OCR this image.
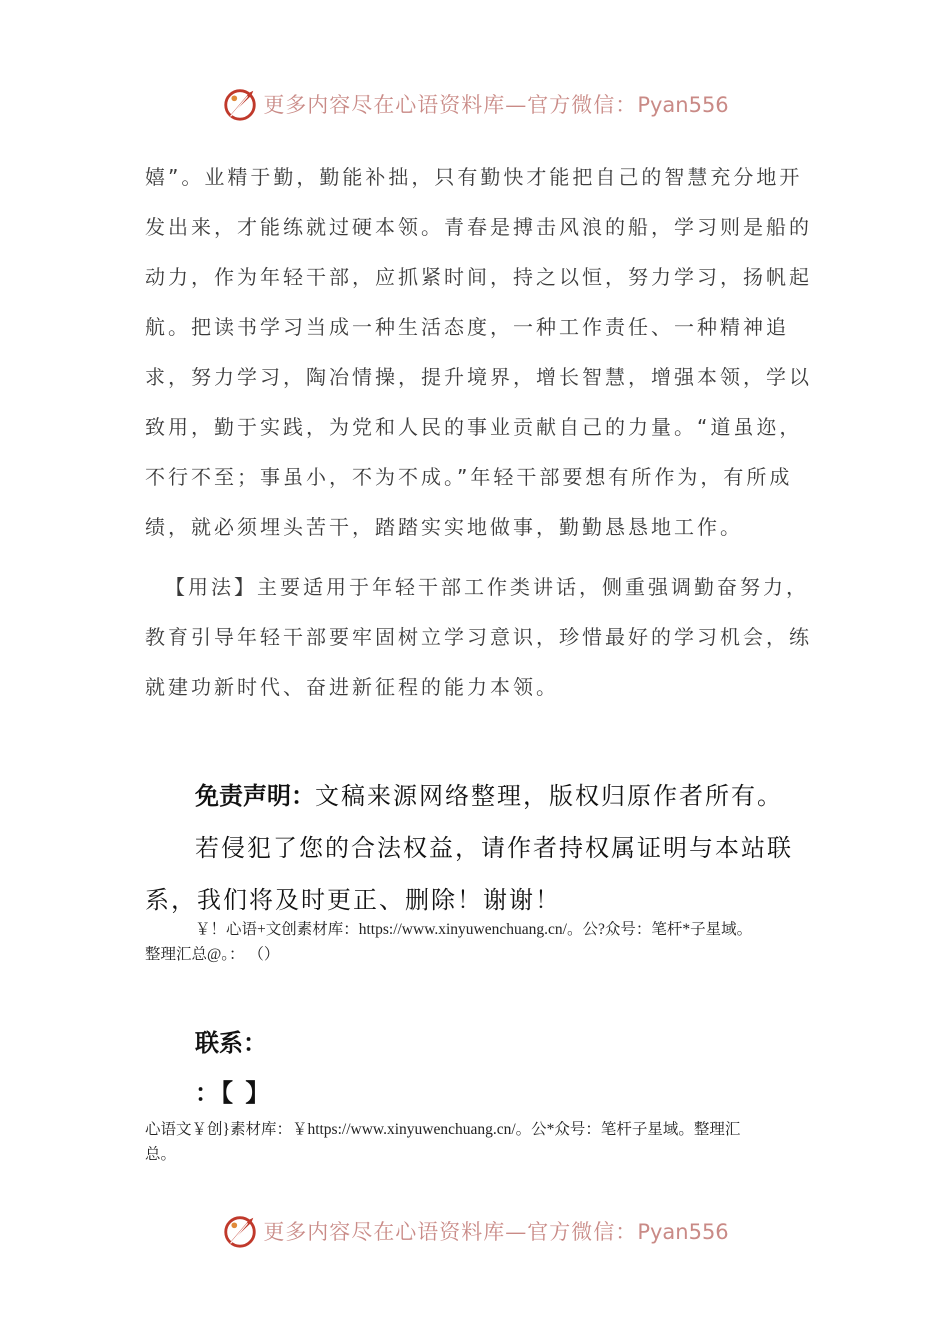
更多内容尽在心语资料库—官方微信：Pyan556
嬉”。业精于勤，勤能补拙，只有勤快才能把自己的智慧充分地开发出来，才能练就过硬本领。青春是搏击风浪的船，学习则是船的动力，作为年轻干部，应抓紧时间，持之以恒，努力学习，扬帆起航。把读书学习当成一种生活态度，一种工作责任、一种精神追求，努力学习，陶冶情操，提升境界，增长智慧，增强本领，学以致用，勤于实践，为党和人民的事业贡献自己的力量。“道虽迩，不行不至；事虽小，不为不成。”年轻干部要想有所作为，有所成绩，就必须埋头苦干，踏踏实实地做事，勤勤恳恳地工作。
【用法】主要适用于年轻干部工作类讲话，侧重强调勤奋努力，教育引导年轻干部要牢固树立学习意识，珍惜最好的学习机会，练就建功新时代、奋进新征程的能力本领。
免责声明：文稿来源网络整理，版权归原作者所有。
若侵犯了您的合法权益，请作者持权属证明与本站联
系，我们将及时更正、删除！谢谢！
￥！心语+文创素材库：https://www.xinyuwenchuang.cn/。公?众号：笔杆*子星域。
整理汇总@。： （）
联系：
：【 】
心语文￥创}素材库：￥https://www.xinyuwenchuang.cn/。公*众号：笔杆子星域。整理汇
总。
更多内容尽在心语资料库—官方微信：Pyan556
